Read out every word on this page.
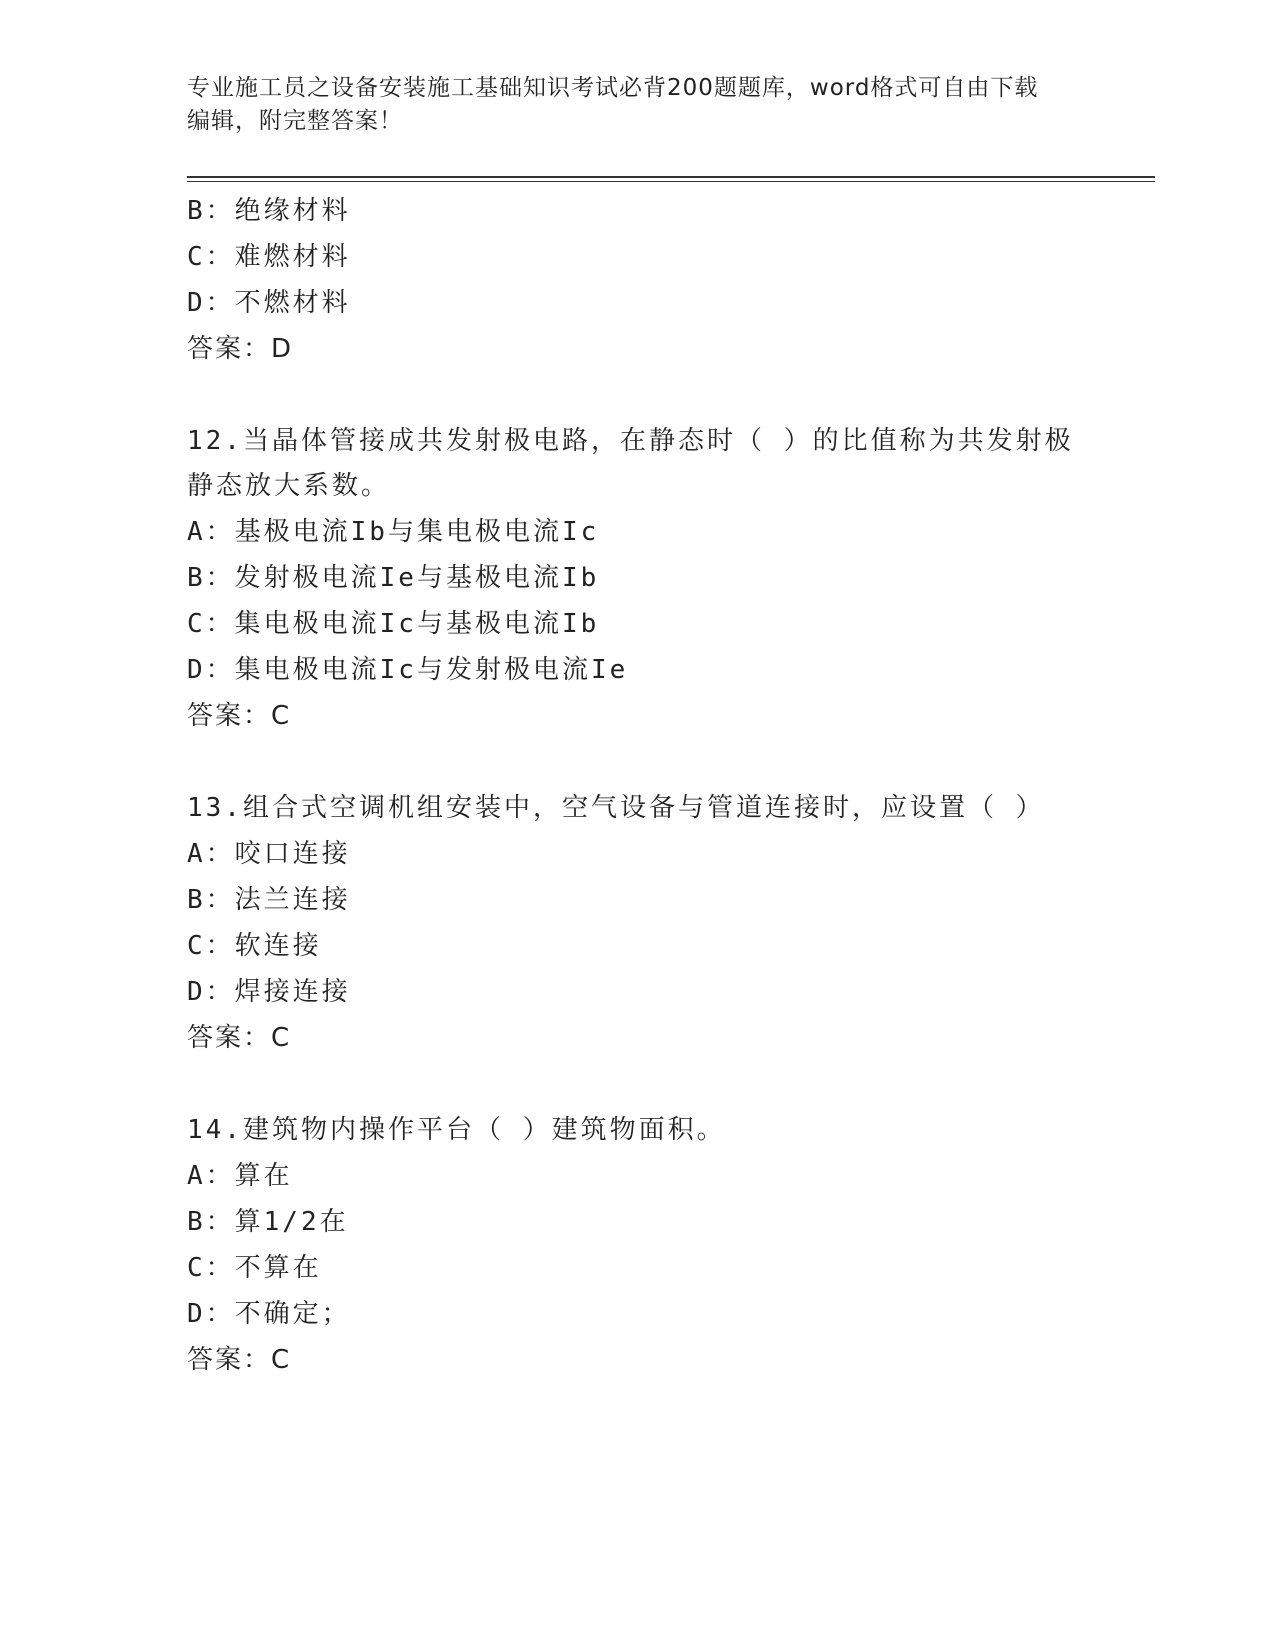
专业施工员之设备安装施工基础知识考试必背200题题库，word格式可自由下载
编辑，附完整答案！
B：绝缘材料
C：难燃材料
D：不燃材料
答案：D
12.当晶体管接成共发射极电路，在静态时（ ）的比值称为共发射极
静态放大系数。
A：基极电流Ib与集电极电流Ic
B：发射极电流Ie与基极电流Ib
C：集电极电流Ic与基极电流Ib
D：集电极电流Ic与发射极电流Ie
答案：C
13.组合式空调机组安装中，空气设备与管道连接时，应设置（ ）
A：咬口连接
B：法兰连接
C：软连接
D：焊接连接
答案：C
14.建筑物内操作平台（ ）建筑物面积。
A：算在
B：算1/2在
C：不算在
D：不确定；
答案：C
